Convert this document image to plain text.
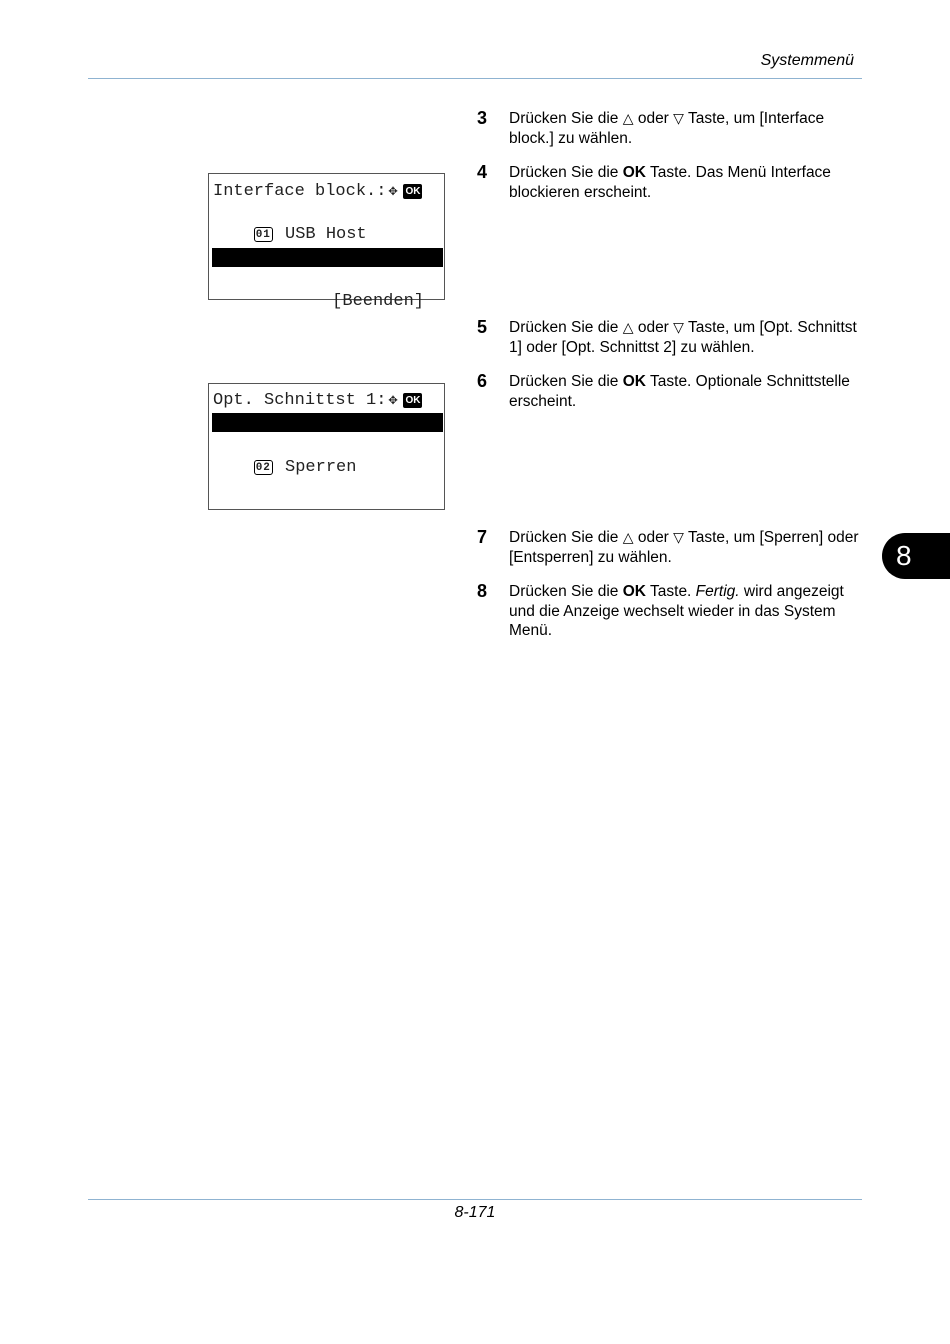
Systemmenü
Interface block.: ✥ OK

01 USB Host

03 Opt Schnittst 1

[Beenden]

Opt. Schnittst 1: ✥ OK

01 *Entsperren

02 Sperren

3	Drücken Sie die △ oder ▽ Taste, um [Interface block.] zu wählen.
4	Drücken Sie die OK Taste. Das Menü Interface blockieren erscheint.
5	Drücken Sie die △ oder ▽ Taste, um [Opt. Schnittst 1] oder [Opt. Schnittst 2] zu wählen.
6	Drücken Sie die OK Taste. Optionale Schnittstelle erscheint.
7	Drücken Sie die △ oder ▽ Taste, um [Sperren] oder [Entsperren] zu wählen.
8	Drücken Sie die OK Taste. Fertig. wird angezeigt und die Anzeige wechselt wieder in das System Menü.
8
8-171
